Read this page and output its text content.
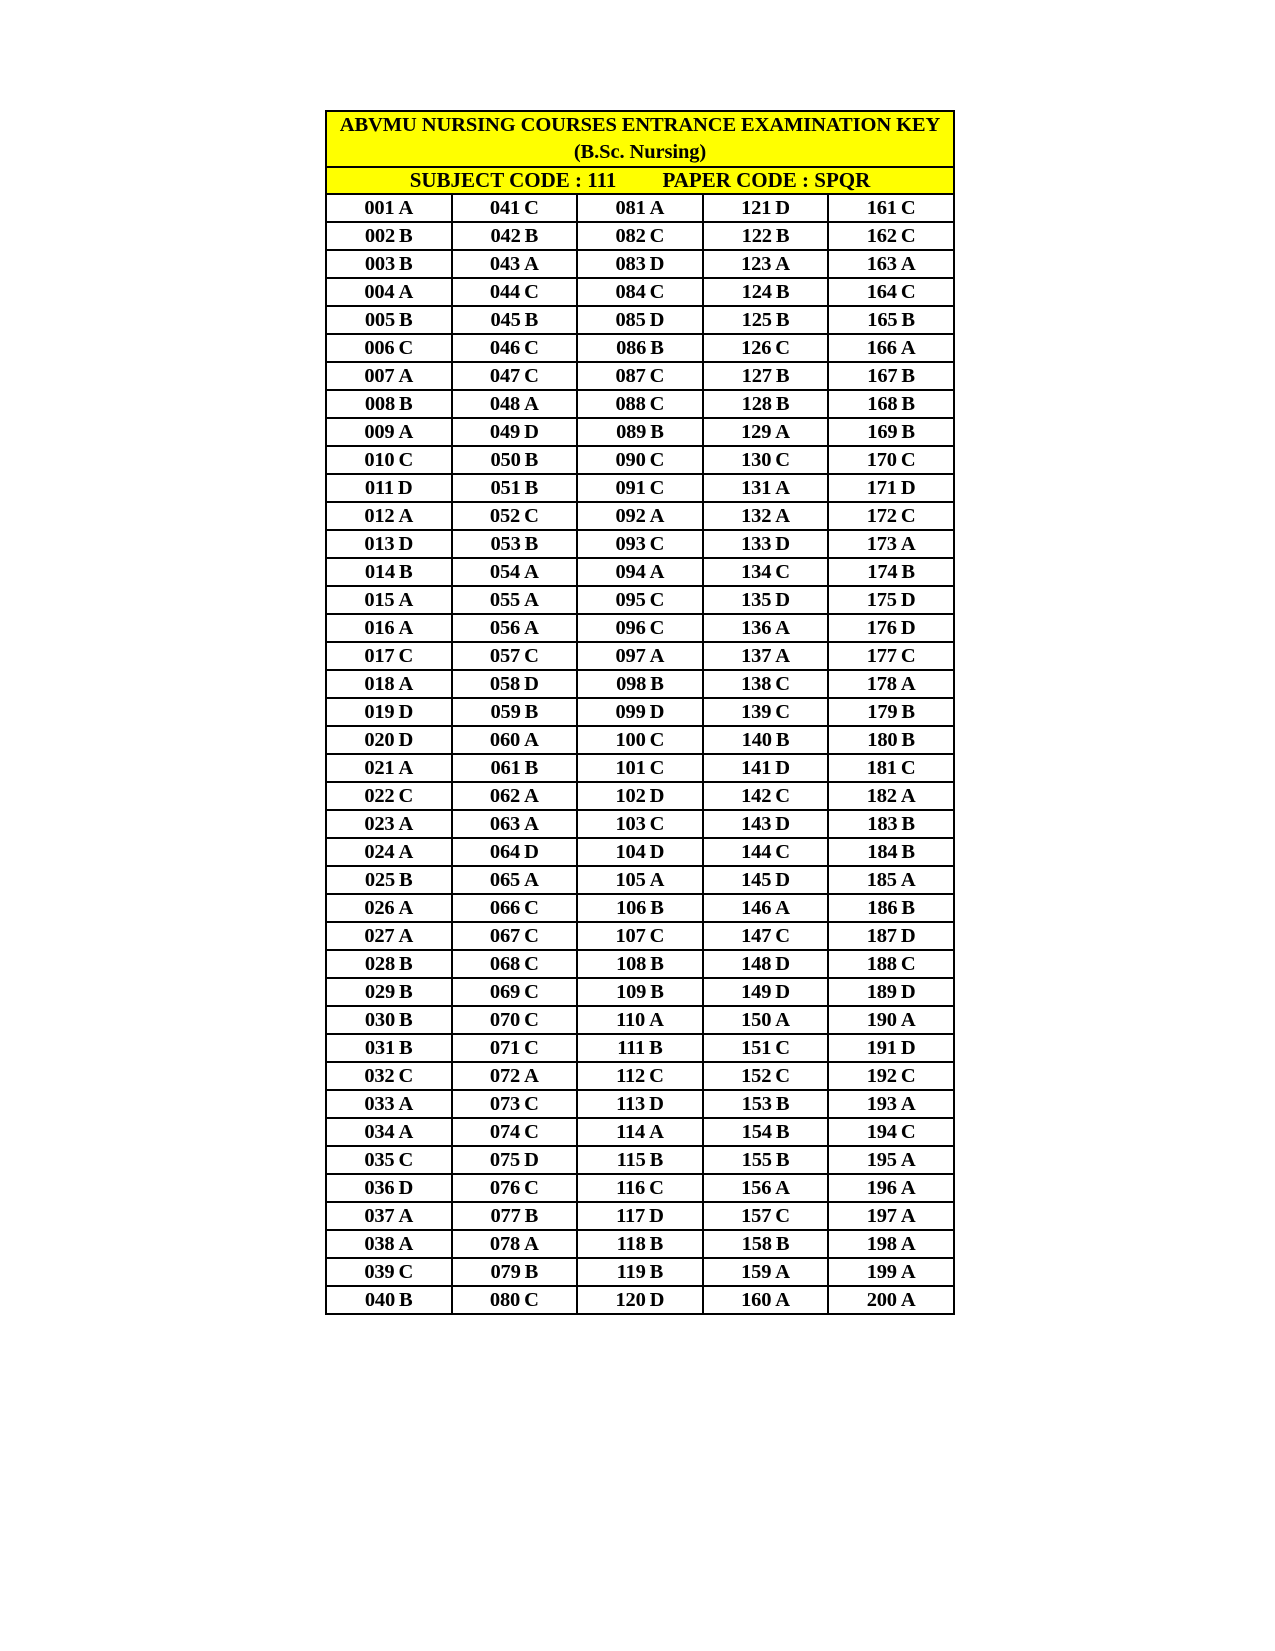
ABVMU NURSING COURSES ENTRANCE EXAMINATION KEY
(B.Sc. Nursing)				

SUBJECT CODE : 111 PAPER CODE : SPQR				
001 A	041 C	081 A	121 D	161 C
002 B	042 B	082 C	122 B	162 C
003 B	043 A	083 D	123 A	163 A
004 A	044 C	084 C	124 B	164 C
005 B	045 B	085 D	125 B	165 B
006 C	046 C	086 B	126 C	166 A
007 A	047 C	087 C	127 B	167 B
008 B	048 A	088 C	128 B	168 B
009 A	049 D	089 B	129 A	169 B
010 C	050 B	090 C	130 C	170 C
011 D	051 B	091 C	131 A	171 D
012 A	052 C	092 A	132 A	172 C
013 D	053 B	093 C	133 D	173 A
014 B	054 A	094 A	134 C	174 B
015 A	055 A	095 C	135 D	175 D
016 A	056 A	096 C	136 A	176 D
017 C	057 C	097 A	137 A	177 C
018 A	058 D	098 B	138 C	178 A
019 D	059 B	099 D	139 C	179 B
020 D	060 A	100 C	140 B	180 B
021 A	061 B	101 C	141 D	181 C
022 C	062 A	102 D	142 C	182 A
023 A	063 A	103 C	143 D	183 B
024 A	064 D	104 D	144 C	184 B
025 B	065 A	105 A	145 D	185 A
026 A	066 C	106 B	146 A	186 B
027 A	067 C	107 C	147 C	187 D
028 B	068 C	108 B	148 D	188 C
029 B	069 C	109 B	149 D	189 D
030 B	070 C	110 A	150 A	190 A
031 B	071 C	111 B	151 C	191 D
032 C	072 A	112 C	152 C	192 C
033 A	073 C	113 D	153 B	193 A
034 A	074 C	114 A	154 B	194 C
035 C	075 D	115 B	155 B	195 A
036 D	076 C	116 C	156 A	196 A
037 A	077 B	117 D	157 C	197 A
038 A	078 A	118 B	158 B	198 A
039 C	079 B	119 B	159 A	199 A
040 B	080 C	120 D	160 A	200 A
